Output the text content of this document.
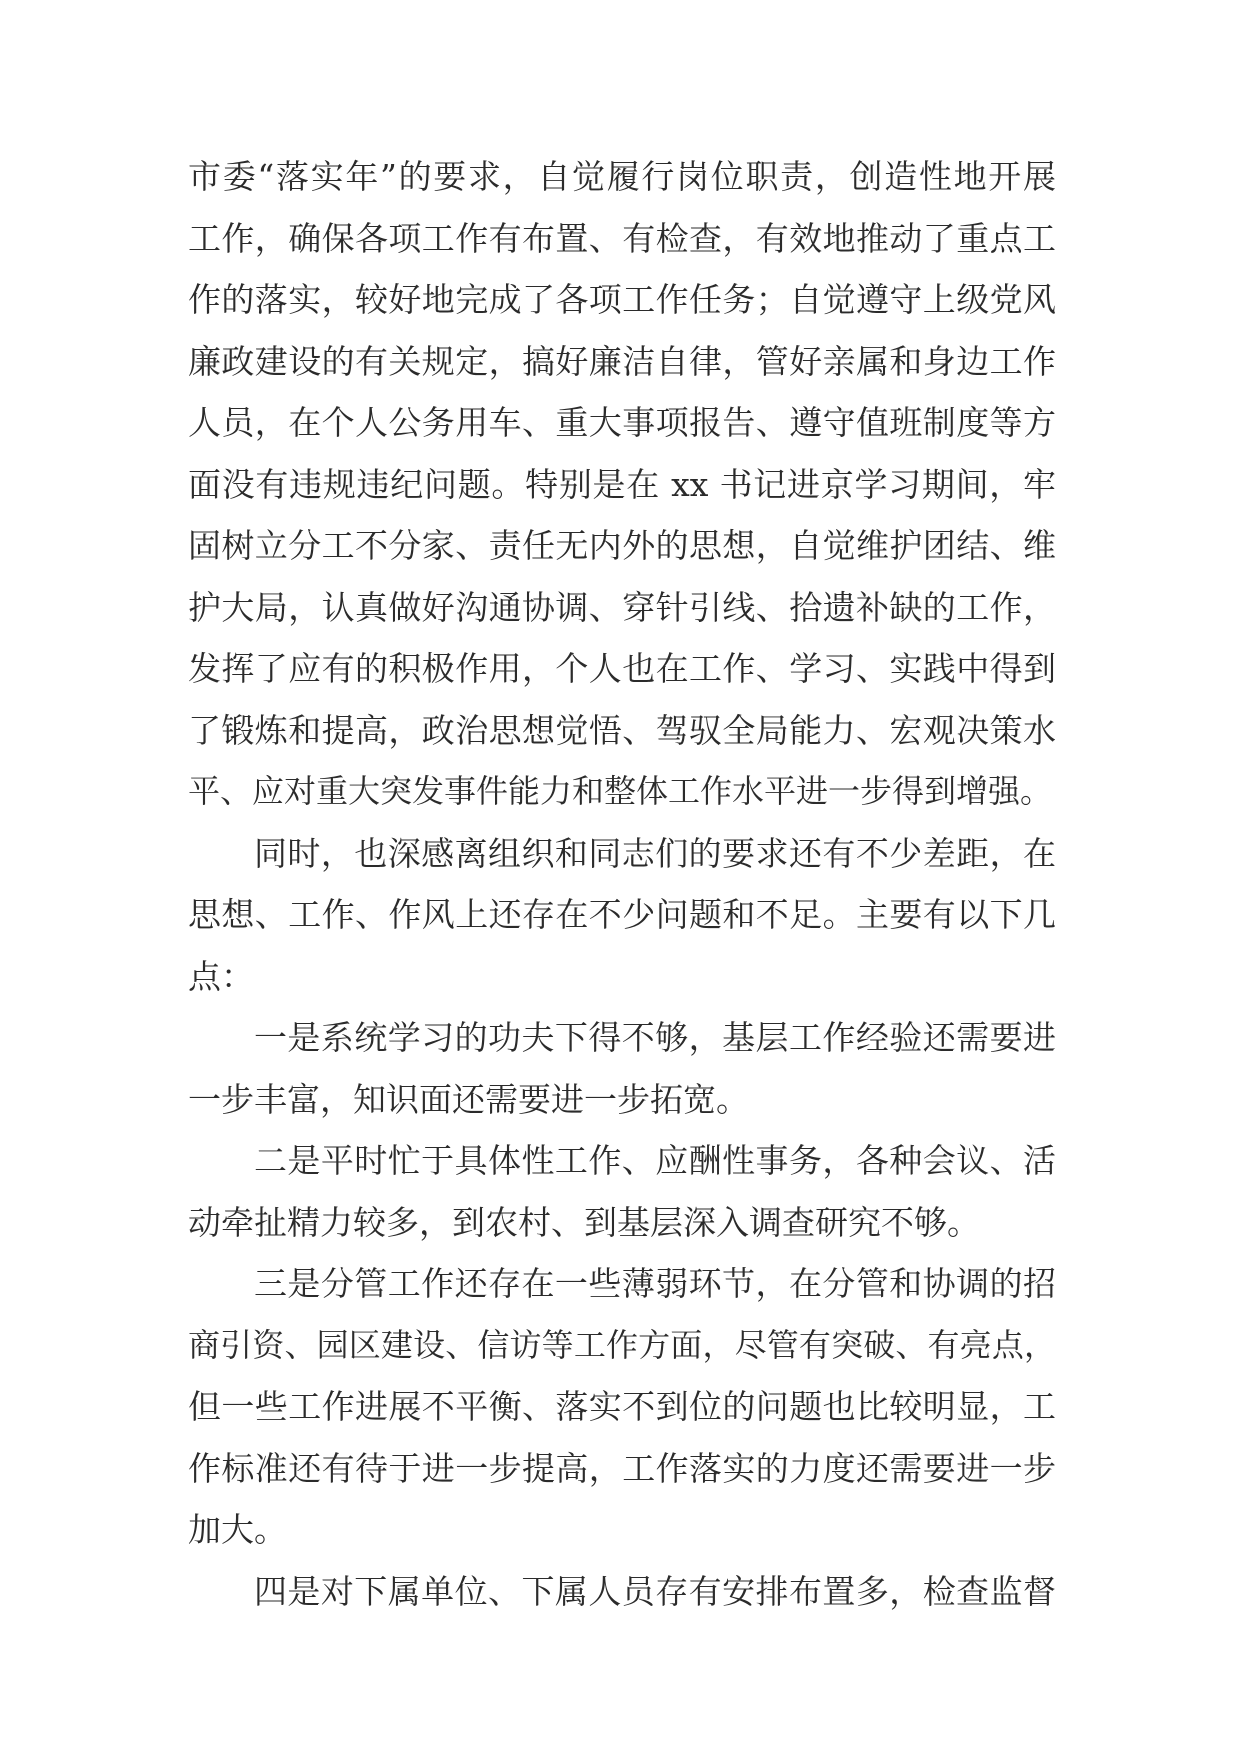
市委“落实年”的要求，自觉履行岗位职责，创造性地开展
工作，确保各项工作有布置、有检查，有效地推动了重点工
作的落实，较好地完成了各项工作任务；自觉遵守上级党风
廉政建设的有关规定，搞好廉洁自律，管好亲属和身边工作
人员，在个人公务用车、重大事项报告、遵守值班制度等方
面没有违规违纪问题。特别是在 xx 书记进京学习期间，牢
固树立分工不分家、责任无内外的思想，自觉维护团结、维
护大局，认真做好沟通协调、穿针引线、拾遗补缺的工作，
发挥了应有的积极作用，个人也在工作、学习、实践中得到
了锻炼和提高，政治思想觉悟、驾驭全局能力、宏观决策水
平、应对重大突发事件能力和整体工作水平进一步得到增强。
同时，也深感离组织和同志们的要求还有不少差距，在
思想、工作、作风上还存在不少问题和不足。主要有以下几
点：
一是系统学习的功夫下得不够，基层工作经验还需要进
一步丰富，知识面还需要进一步拓宽。
二是平时忙于具体性工作、应酬性事务，各种会议、活
动牵扯精力较多，到农村、到基层深入调查研究不够。
三是分管工作还存在一些薄弱环节，在分管和协调的招
商引资、园区建设、信访等工作方面，尽管有突破、有亮点，
但一些工作进展不平衡、落实不到位的问题也比较明显，工
作标准还有待于进一步提高，工作落实的力度还需要进一步
加大。
四是对下属单位、下属人员存有安排布置多，检查监督
